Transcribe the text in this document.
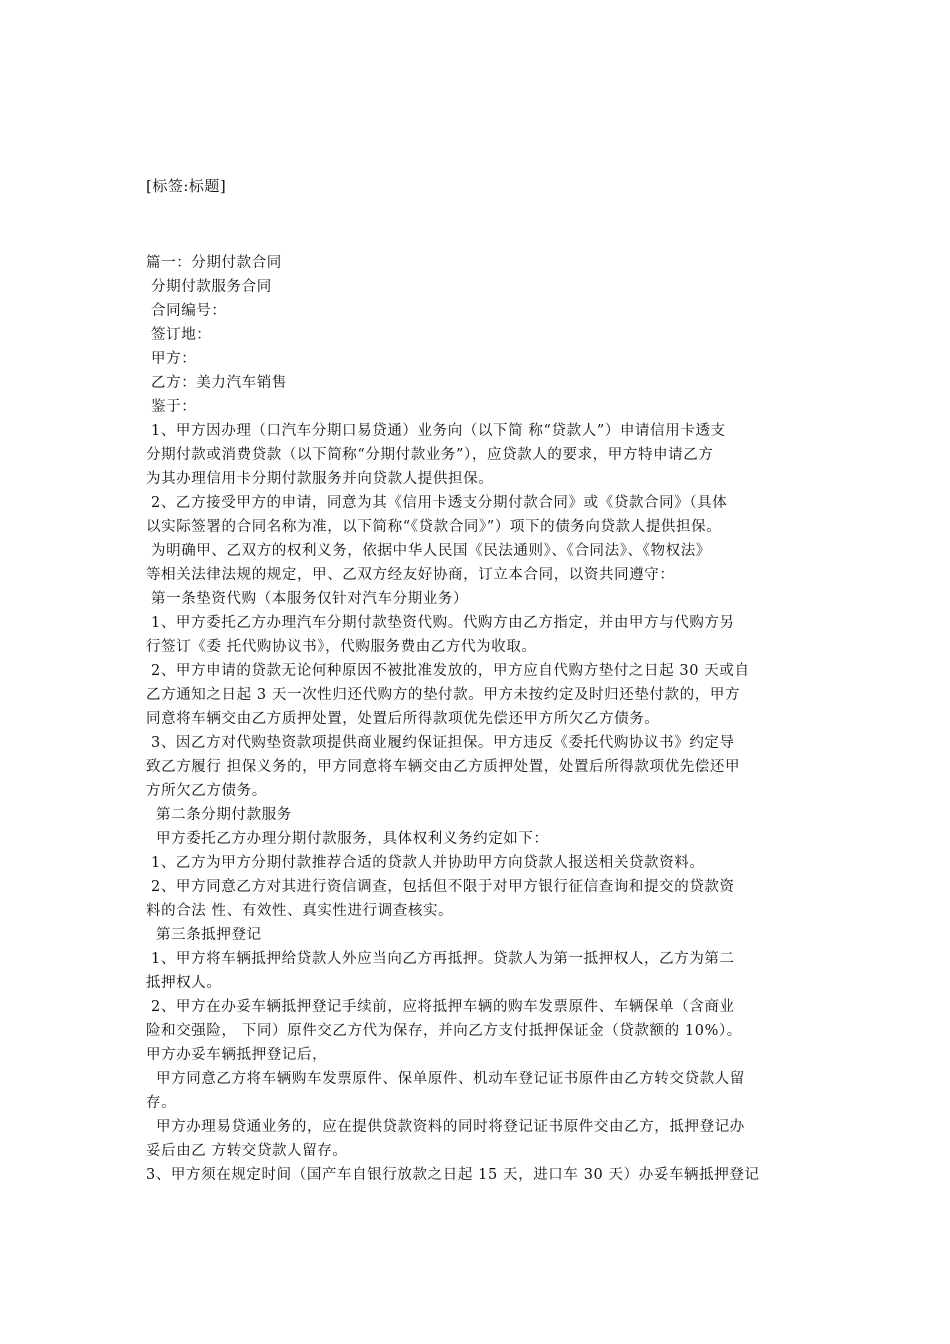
[标签:标题]
篇一：分期付款合同
分期付款服务合同
合同编号：
签订地：
甲方：
乙方：美力汽车销售
鉴于：
1、甲方因办理（口汽车分期口易贷通）业务向（以下简 称“贷款人”）申请信用卡透支
分期付款或消费贷款（以下简称“分期付款业务”），应贷款人的要求，甲方特申请乙方
为其办理信用卡分期付款服务并向贷款人提供担保。
2、乙方接受甲方的申请，同意为其《信用卡透支分期付款合同》或《贷款合同》（具体
以实际签署的合同名称为准，以下简称“《贷款合同》”）项下的债务向贷款人提供担保。
为明确甲、乙双方的权利义务，依据中华人民国《民法通则》、《合同法》、《物权法》
等相关法律法规的规定，甲、乙双方经友好协商，订立本合同，以资共同遵守：
第一条垫资代购（本服务仅针对汽车分期业务）
1、甲方委托乙方办理汽车分期付款垫资代购。代购方由乙方指定，并由甲方与代购方另
行签订《委 托代购协议书》，代购服务费由乙方代为收取。
2、甲方申请的贷款无论何种原因不被批准发放的，甲方应自代购方垫付之日起 30 天或自
乙方通知之日起 3 天一次性归还代购方的垫付款。甲方未按约定及时归还垫付款的，甲方
同意将车辆交由乙方质押处置，处置后所得款项优先偿还甲方所欠乙方债务。
3、因乙方对代购垫资款项提供商业履约保证担保。甲方违反《委托代购协议书》约定导
致乙方履行 担保义务的，甲方同意将车辆交由乙方质押处置，处置后所得款项优先偿还甲
方所欠乙方债务。
第二条分期付款服务
甲方委托乙方办理分期付款服务，具体权利义务约定如下：
1、乙方为甲方分期付款推荐合适的贷款人并协助甲方向贷款人报送相关贷款资料。
2、甲方同意乙方对其进行资信调查，包括但不限于对甲方银行征信查询和提交的贷款资
料的合法 性、有效性、真实性进行调查核实。
第三条抵押登记
1、甲方将车辆抵押给贷款人外应当向乙方再抵押。贷款人为第一抵押权人，乙方为第二
抵押权人。
2、甲方在办妥车辆抵押登记手续前，应将抵押车辆的购车发票原件、车辆保单（含商业
险和交强险， 下同）原件交乙方代为保存，并向乙方支付抵押保证金（贷款额的 10%）。
甲方办妥车辆抵押登记后，
甲方同意乙方将车辆购车发票原件、保单原件、机动车登记证书原件由乙方转交贷款人留
存。
甲方办理易贷通业务的，应在提供贷款资料的同时将登记证书原件交由乙方，抵押登记办
妥后由乙 方转交贷款人留存。
3、甲方须在规定时间（国产车自银行放款之日起 15 天，进口车 30 天）办妥车辆抵押登记
